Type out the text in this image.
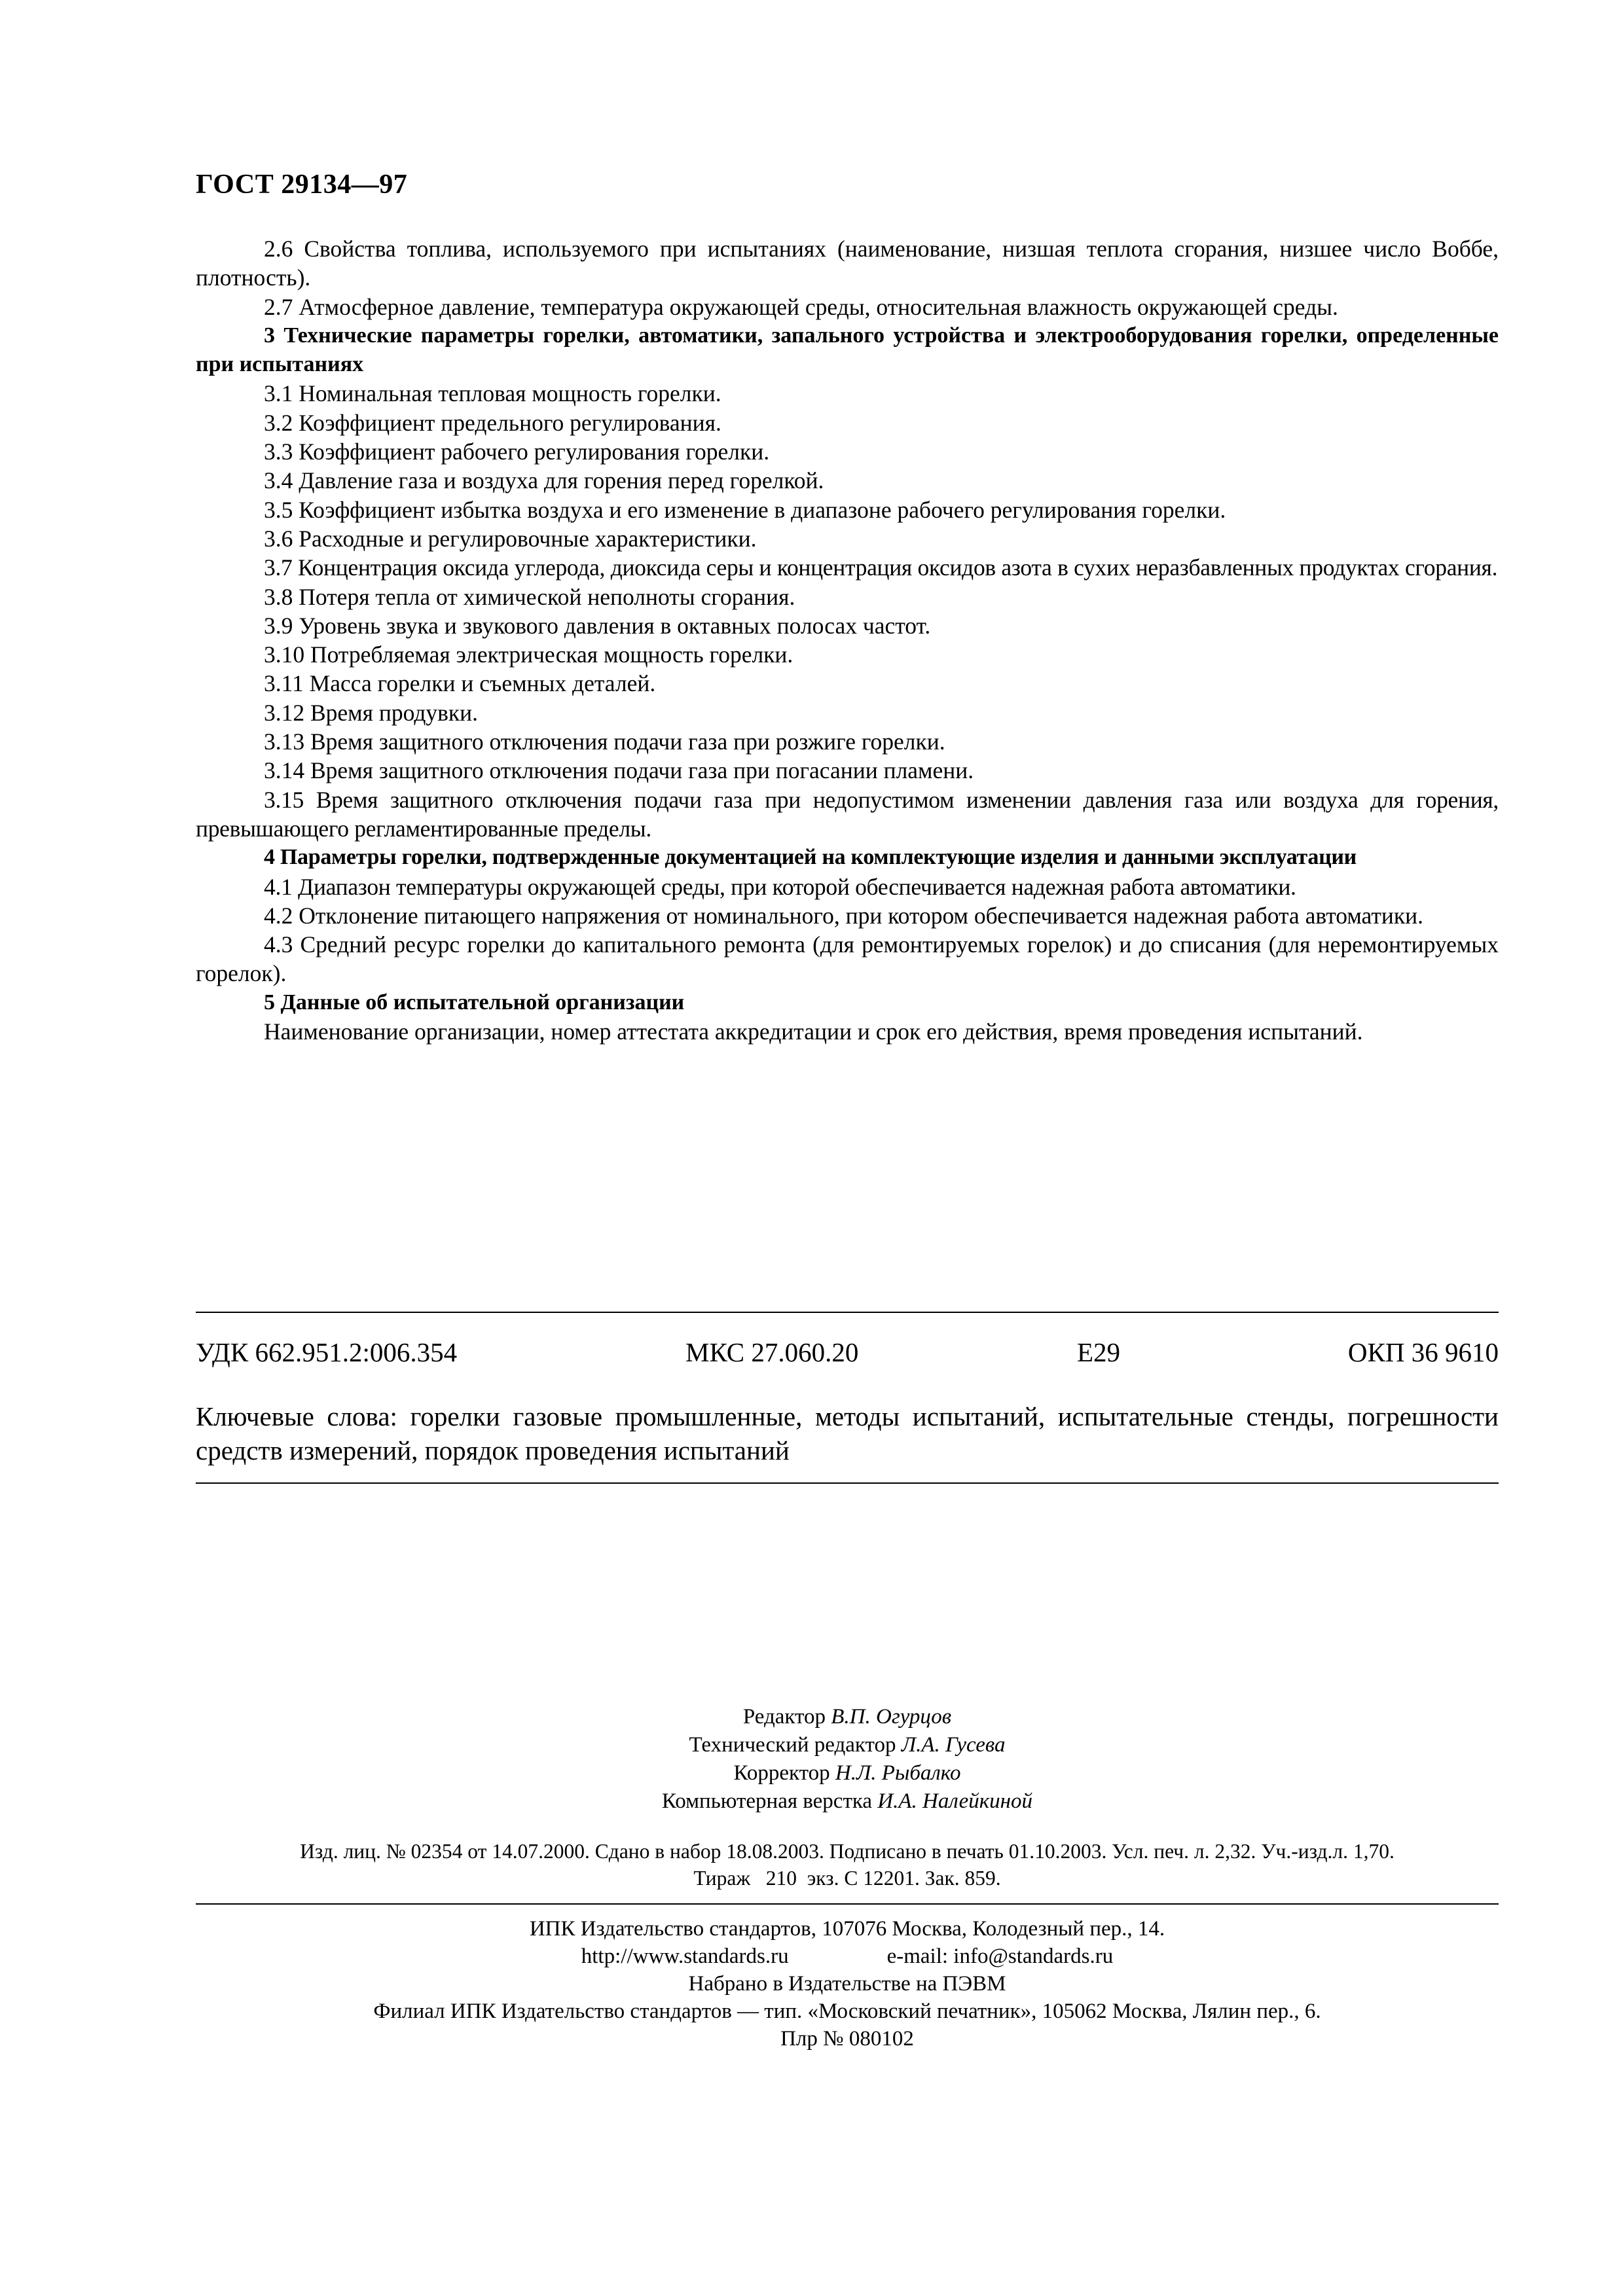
ГОСТ 29134—97

2.6 Свойства топлива, используемого при испытаниях (наименование, низшая теплота сгорания, низшее число Воббе, плотность).

2.7 Атмосферное давление, температура окружающей среды, относительная влажность окружающей среды.

3 Технические параметры горелки, автоматики, запального устройства и электрооборудования горелки, определенные при испытаниях

3.1 Номинальная тепловая мощность горелки.

3.2 Коэффициент предельного регулирования.

3.3 Коэффициент рабочего регулирования горелки.

3.4 Давление газа и воздуха для горения перед горелкой.

3.5 Коэффициент избытка воздуха и его изменение в диапазоне рабочего регулирования горелки.

3.6 Расходные и регулировочные характеристики.

3.7 Концентрация оксида углерода, диоксида серы и концентрация оксидов азота в сухих неразбавленных продуктах сгорания.

3.8 Потеря тепла от химической неполноты сгорания.

3.9 Уровень звука и звукового давления в октавных полосах частот.

3.10 Потребляемая электрическая мощность горелки.

3.11 Масса горелки и съемных деталей.

3.12 Время продувки.

3.13 Время защитного отключения подачи газа при розжиге горелки.

3.14 Время защитного отключения подачи газа при погасании пламени.

3.15 Время защитного отключения подачи газа при недопустимом изменении давления газа или воздуха для горения, превышающего регламентированные пределы.

4 Параметры горелки, подтвержденные документацией на комплектующие изделия и данными эксплуатации

4.1 Диапазон температуры окружающей среды, при которой обеспечивается надежная работа автоматики.

4.2 Отклонение питающего напряжения от номинального, при котором обеспечивается надежная работа автоматики.

4.3 Средний ресурс горелки до капитального ремонта (для ремонтируемых горелок) и до списания (для неремонтируемых горелок).

5 Данные об испытательной организации

Наименование организации, номер аттестата аккредитации и срок его действия, время проведения испытаний.

УДК 662.951.2:006.354	МКС 27.060.20	Е29	ОКП 36 9610

Ключевые слова: горелки газовые промышленные, методы испытаний, испытательные стенды, погрешности средств измерений, порядок проведения испытаний

Редактор В.П. Огурцов
Технический редактор Л.А. Гусева
Корректор Н.Л. Рыбалко
Компьютерная верстка И.А. Налейкиной

Изд. лиц. № 02354 от 14.07.2000. Сдано в набор 18.08.2003. Подписано в печать 01.10.2003. Усл. печ. л. 2,32. Уч.-изд.л. 1,70.

Тираж   210  экз. С 12201. Зак. 859.

ИПК Издательство стандартов, 107076 Москва, Колодезный пер., 14.

http://www.standards.ru	e-mail: info@standards.ru

Набрано в Издательстве на ПЭВМ

Филиал ИПК Издательство стандартов — тип. «Московский печатник», 105062 Москва, Лялин пер., 6.

Плр № 080102
